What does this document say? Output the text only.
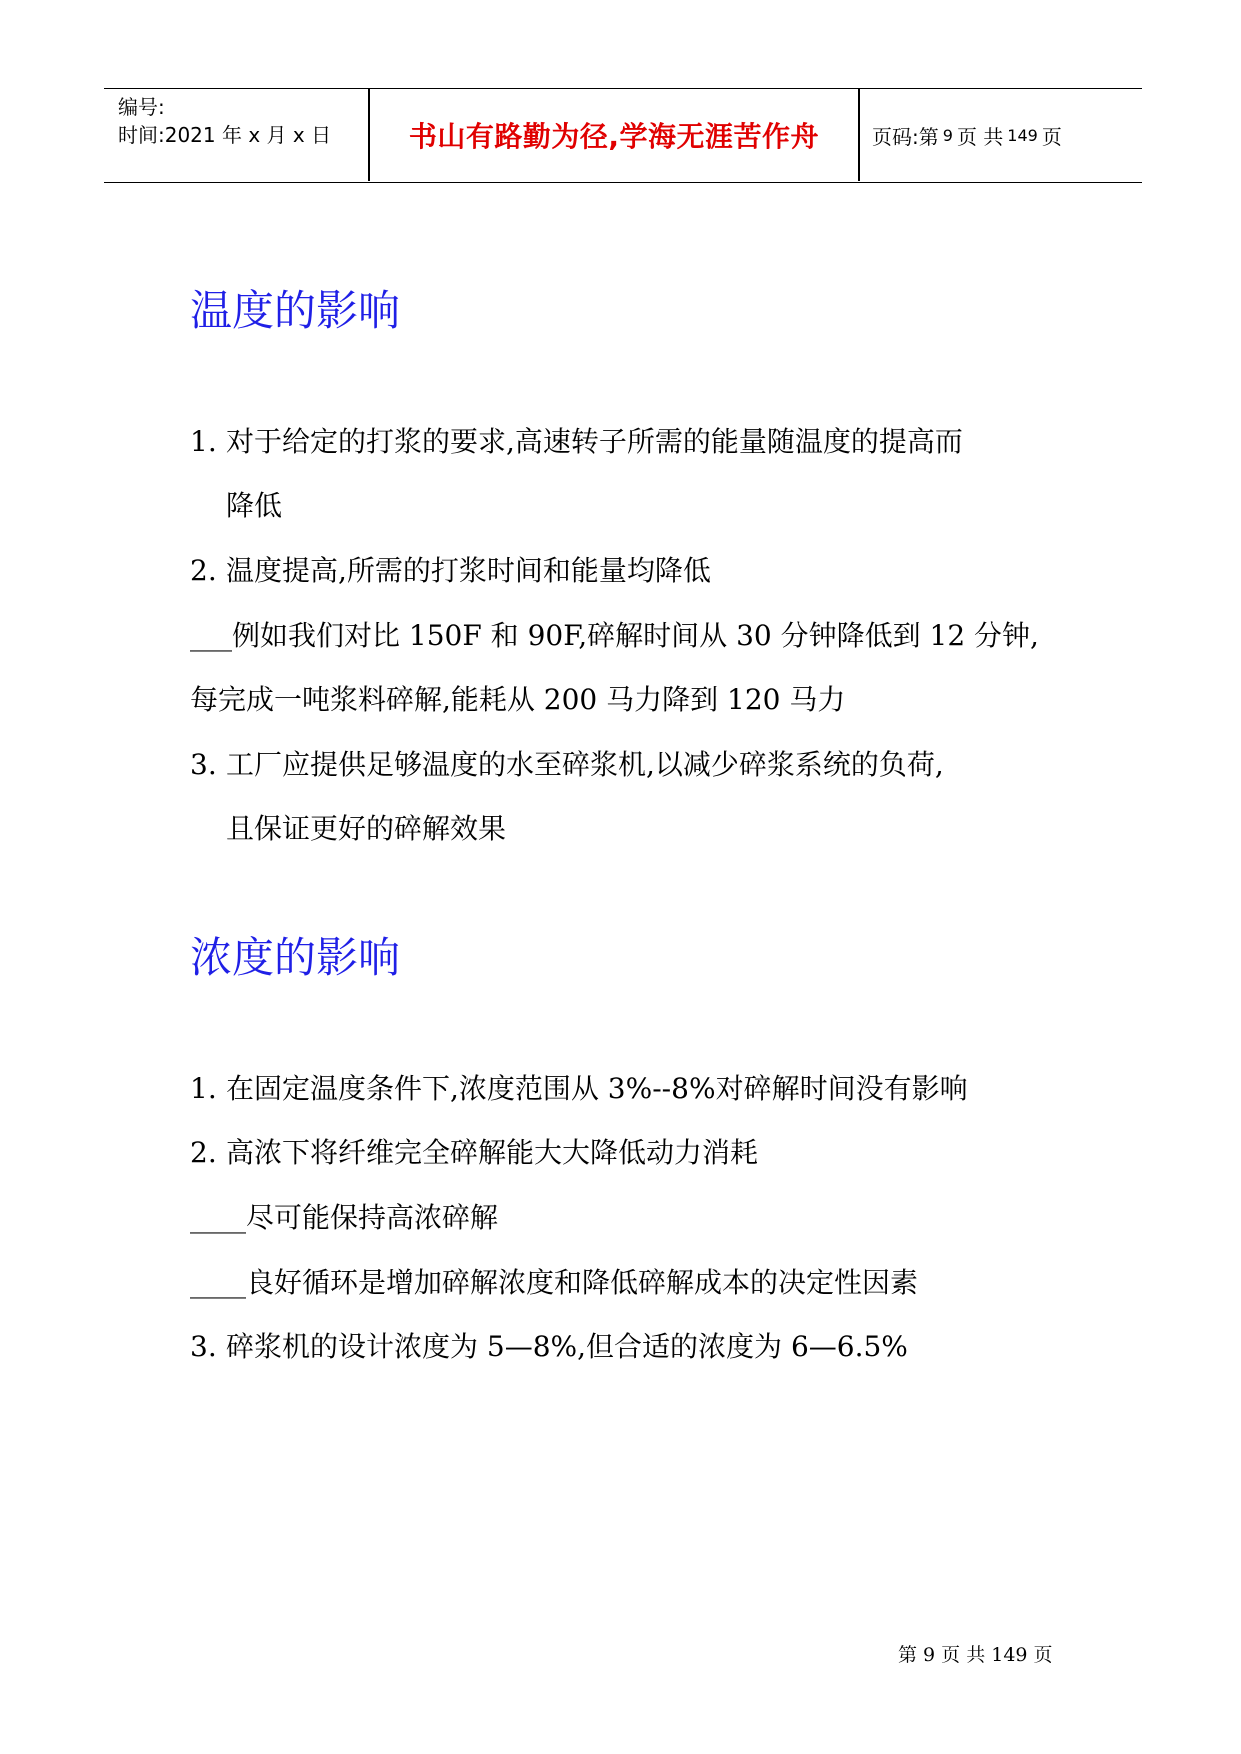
编号:
时间:2021 年 x 月 x 日	书山有路勤为径,学海无涯苦作舟	页码:第 9 页 共 149 页
温度的影响
1. 对于给定的打浆的要求,高速转子所需的能量随温度的提高而
降低
2. 温度提高,所需的打浆时间和能量均降低
___例如我们对比 150F 和 90F,碎解时间从 30 分钟降低到 12 分钟,
每完成一吨浆料碎解,能耗从 200 马力降到 120 马力
3. 工厂应提供足够温度的水至碎浆机,以减少碎浆系统的负荷,
且保证更好的碎解效果
浓度的影响
1. 在固定温度条件下,浓度范围从 3%--8%对碎解时间没有影响
2. 高浓下将纤维完全碎解能大大降低动力消耗
____尽可能保持高浓碎解
____良好循环是增加碎解浓度和降低碎解成本的决定性因素
3. 碎浆机的设计浓度为 5—8%,但合适的浓度为 6—6.5%
第 9 页 共 149 页
